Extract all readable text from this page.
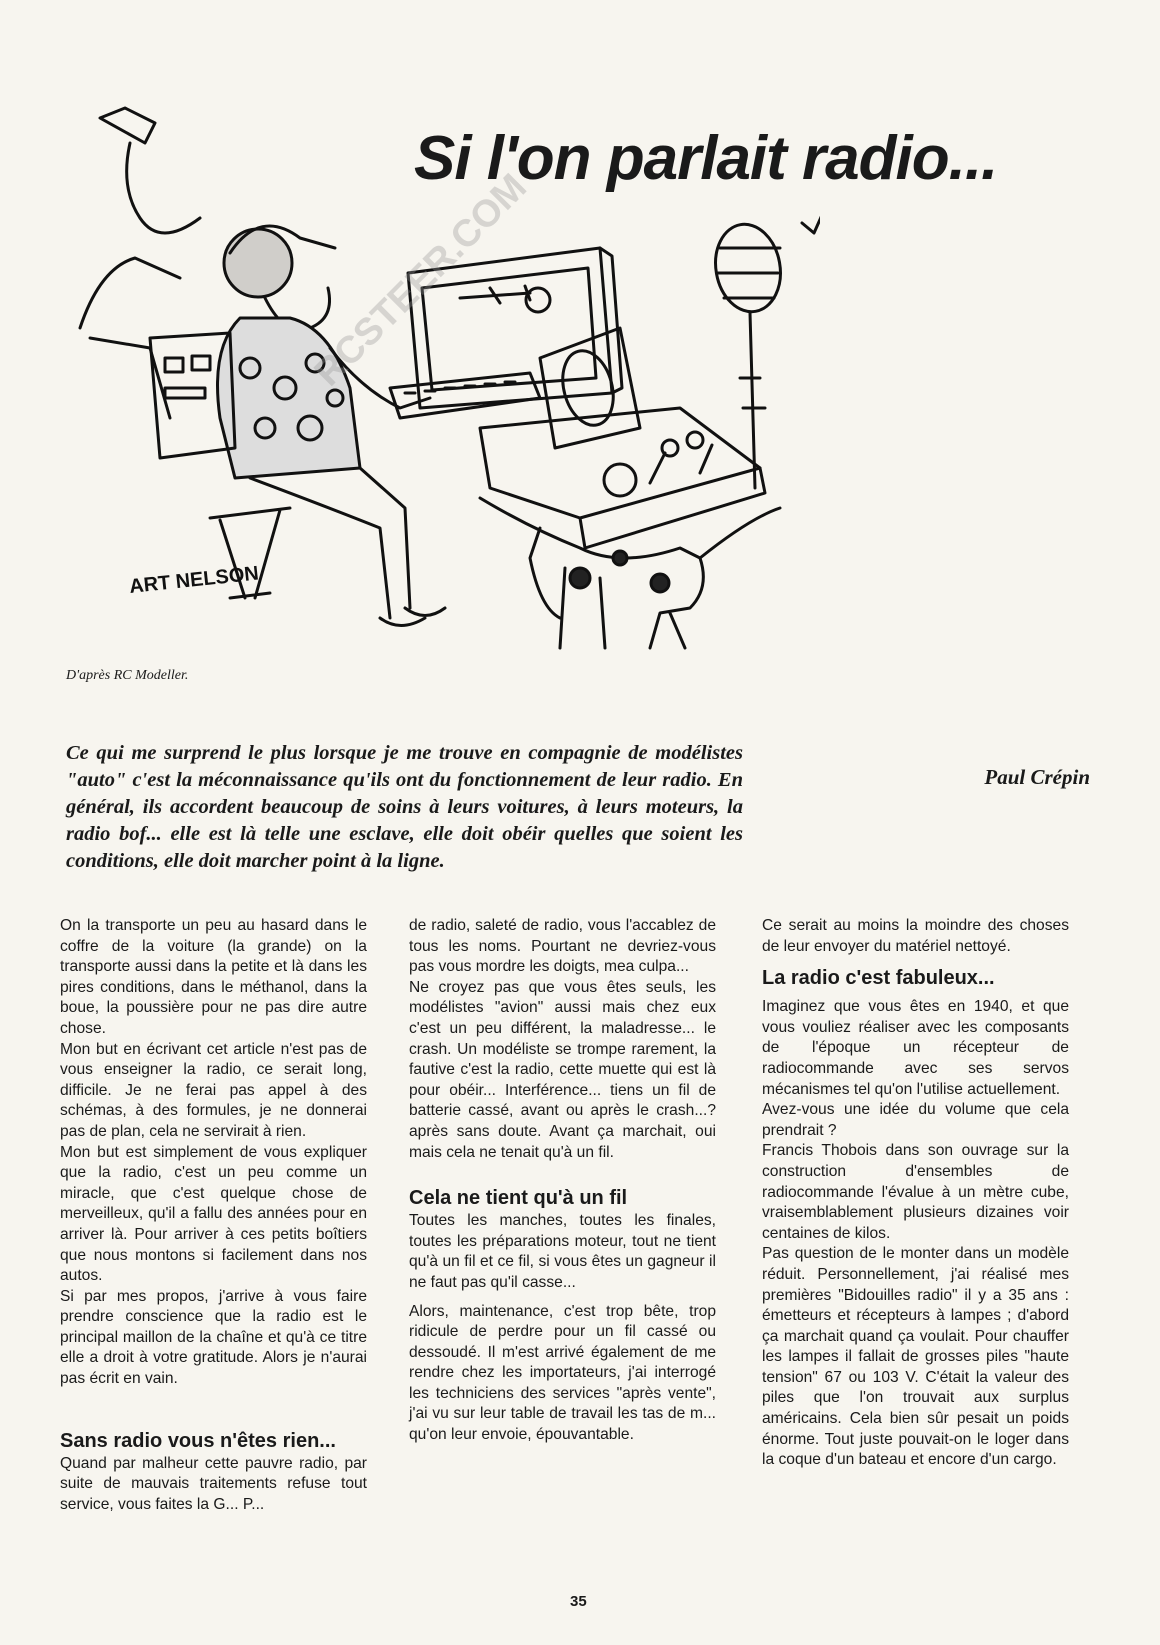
Si l'on parlait radio...
RCSTEER.COM
ART NELSON

D'après RC Modeller.

Paul Crépin

Ce qui me surprend le plus lorsque je me trouve en compagnie de modélistes "auto" c'est la méconnaissance qu'ils ont du fonctionnement de leur radio. En général, ils accordent beaucoup de soins à leurs voitures, à leurs moteurs, la radio bof... elle est là telle une esclave, elle doit obéir quelles que soient les conditions, elle doit marcher point à la ligne.

On la transporte un peu au hasard dans le coffre de la voiture (la grande) on la transporte aussi dans la petite et là dans les pires conditions, dans le méthanol, dans la boue, la poussière pour ne pas dire autre chose.

Mon but en écrivant cet article n'est pas de vous enseigner la radio, ce serait long, difficile. Je ne ferai pas appel à des schémas, à des formules, je ne donnerai pas de plan, cela ne servirait à rien.

Mon but est simplement de vous expliquer que la radio, c'est un peu comme un miracle, que c'est quelque chose de merveilleux, qu'il a fallu des années pour en arriver là. Pour arriver à ces petits boîtiers que nous montons si facilement dans nos autos.

Si par mes propos, j'arrive à vous faire prendre conscience que la radio est le principal maillon de la chaîne et qu'à ce titre elle a droit à votre gratitude. Alors je n'aurai pas écrit en vain.

Sans radio vous n'êtes rien...

Quand par malheur cette pauvre radio, par suite de mauvais traitements refuse tout service, vous faites la G... P...

de radio, saleté de radio, vous l'accablez de tous les noms. Pourtant ne devriez-vous pas vous mordre les doigts, mea culpa...

Ne croyez pas que vous êtes seuls, les modélistes "avion" aussi mais chez eux c'est un peu différent, la maladresse... le crash. Un modéliste se trompe rarement, la fautive c'est la radio, cette muette qui est là pour obéir... Interférence... tiens un fil de batterie cassé, avant ou après le crash...? après sans doute. Avant ça marchait, oui mais cela ne tenait qu'à un fil.

Cela ne tient qu'à un fil

Toutes les manches, toutes les finales, toutes les préparations moteur, tout ne tient qu'à un fil et ce fil, si vous êtes un gagneur il ne faut pas qu'il casse...

Alors, maintenance, c'est trop bête, trop ridicule de perdre pour un fil cassé ou dessoudé. Il m'est arrivé également de me rendre chez les importateurs, j'ai interrogé les techniciens des services "après vente", j'ai vu sur leur table de travail les tas de m... qu'on leur envoie, épouvantable.

Ce serait au moins la moindre des choses de leur envoyer du matériel nettoyé.

La radio c'est fabuleux...

Imaginez que vous êtes en 1940, et que vous vouliez réaliser avec les composants de l'époque un récepteur de radiocommande avec ses servos mécanismes tel qu'on l'utilise actuellement.

Avez-vous une idée du volume que cela prendrait ?

Francis Thobois dans son ouvrage sur la construction d'ensembles de radiocommande l'évalue à un mètre cube, vraisemblablement plusieurs dizaines voir centaines de kilos.

Pas question de le monter dans un modèle réduit. Personnellement, j'ai réalisé mes premières "Bidouilles radio" il y a 35 ans : émetteurs et récepteurs à lampes ; d'abord ça marchait quand ça voulait. Pour chauffer les lampes il fallait de grosses piles "haute tension" 67 ou 103 V. C'était la valeur des piles que l'on trouvait aux surplus américains. Cela bien sûr pesait un poids énorme. Tout juste pouvait-on le loger dans la coque d'un bateau et encore d'un cargo.

35
